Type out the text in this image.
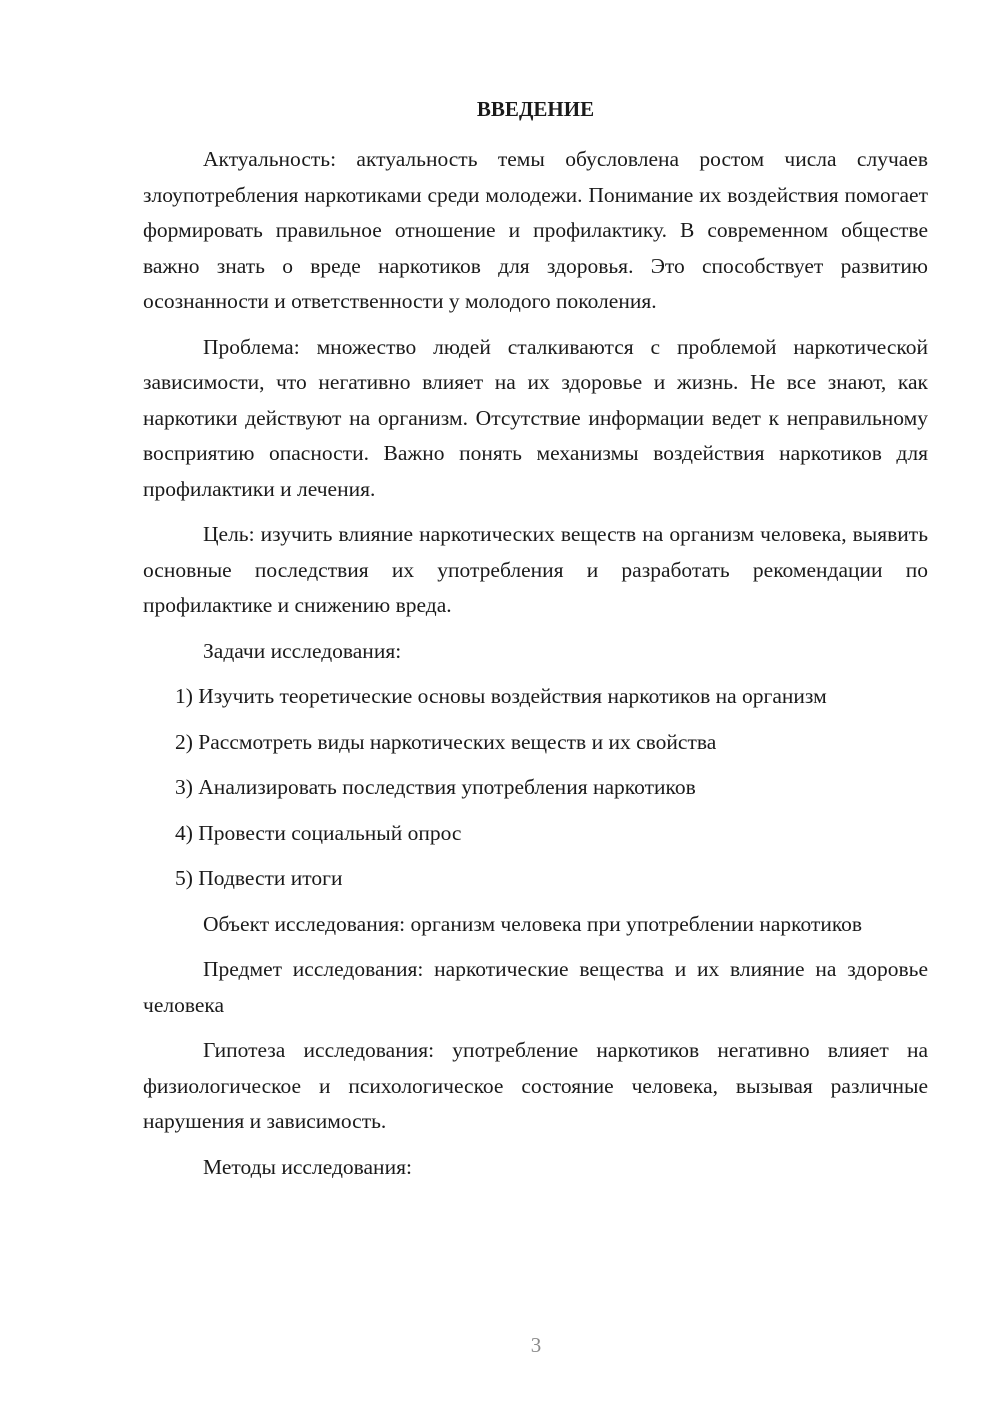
ВВЕДЕНИЕ

Актуальность: актуальность темы обусловлена ростом числа случаев злоупотребления наркотиками среди молодежи. Понимание их воздействия помогает формировать правильное отношение и профилактику. В современном обществе важно знать о вреде наркотиков для здоровья. Это способствует развитию осознанности и ответственности у молодого поколения.

Проблема: множество людей сталкиваются с проблемой наркотической зависимости, что негативно влияет на их здоровье и жизнь. Не все знают, как наркотики действуют на организм. Отсутствие информации ведет к неправильному восприятию опасности. Важно понять механизмы воздействия наркотиков для профилактики и лечения.

Цель: изучить влияние наркотических веществ на организм человека, выявить основные последствия их употребления и разработать рекомендации по профилактике и снижению вреда.

Задачи исследования:

1) Изучить теоретические основы воздействия наркотиков на организм
2) Рассмотреть виды наркотических веществ и их свойства
3) Анализировать последствия употребления наркотиков
4) Провести социальный опрос
5) Подвести итоги

Объект исследования: организм человека при употреблении наркотиков

Предмет исследования: наркотические вещества и их влияние на здоровье человека

Гипотеза исследования: употребление наркотиков негативно влияет на физиологическое и психологическое состояние человека, вызывая различные нарушения и зависимость.

Методы исследования:

3
